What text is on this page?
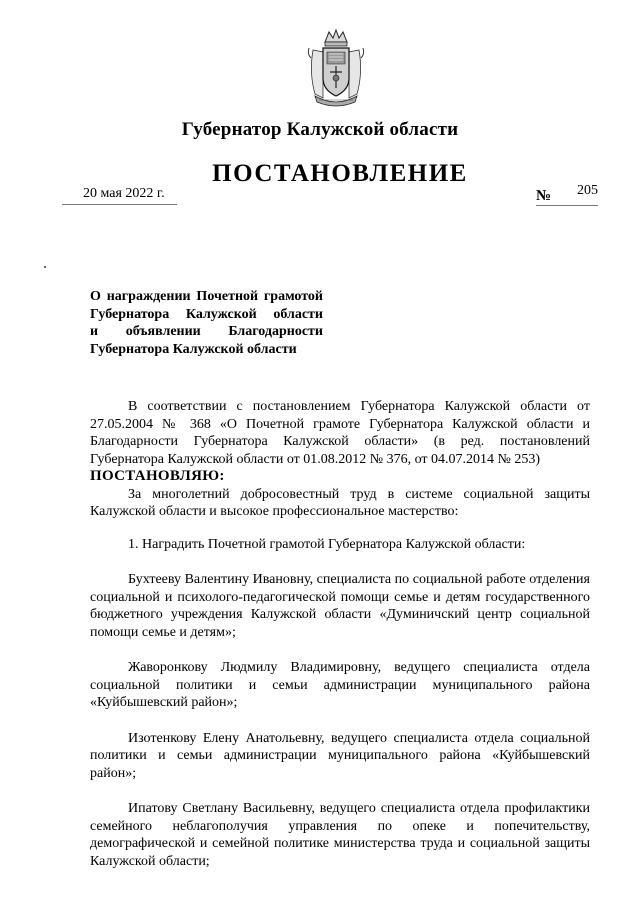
Губернатор Калужской области
ПОСТАНОВЛЕНИЕ
20 мая 2022 г.	№ 205
О награждении Почетной грамотой
Губернатора Калужской области
и объявлении Благодарности
Губернатора Калужской области

В соответствии с постановлением Губернатора Калужской области от 27.05.2004 № 368 «О Почетной грамоте Губернатора Калужской области и Благодарности Губернатора Калужской области» (в ред. постановлений Губернатора Калужской области от 01.08.2012 № 376, от 04.07.2014 № 253)

ПОСТАНОВЛЯЮ:

За многолетний добросовестный труд в системе социальной защиты Калужской области и высокое профессиональное мастерство:

1. Наградить Почетной грамотой Губернатора Калужской области:

Бухтееву Валентину Ивановну, специалиста по социальной работе отделения социальной и психолого-педагогической помощи семье и детям государственного бюджетного учреждения Калужской области «Думиничский центр социальной помощи семье и детям»;

Жаворонкову Людмилу Владимировну, ведущего специалиста отдела социальной политики и семьи администрации муниципального района «Куйбышевский район»;

Изотенкову Елену Анатольевну, ведущего специалиста отдела социальной политики и семьи администрации муниципального района «Куйбышевский район»;

Ипатову Светлану Васильевну, ведущего специалиста отдела профилактики семейного неблагополучия управления по опеке и попечительству, демографической и семейной политике министерства труда и социальной защиты Калужской области;
